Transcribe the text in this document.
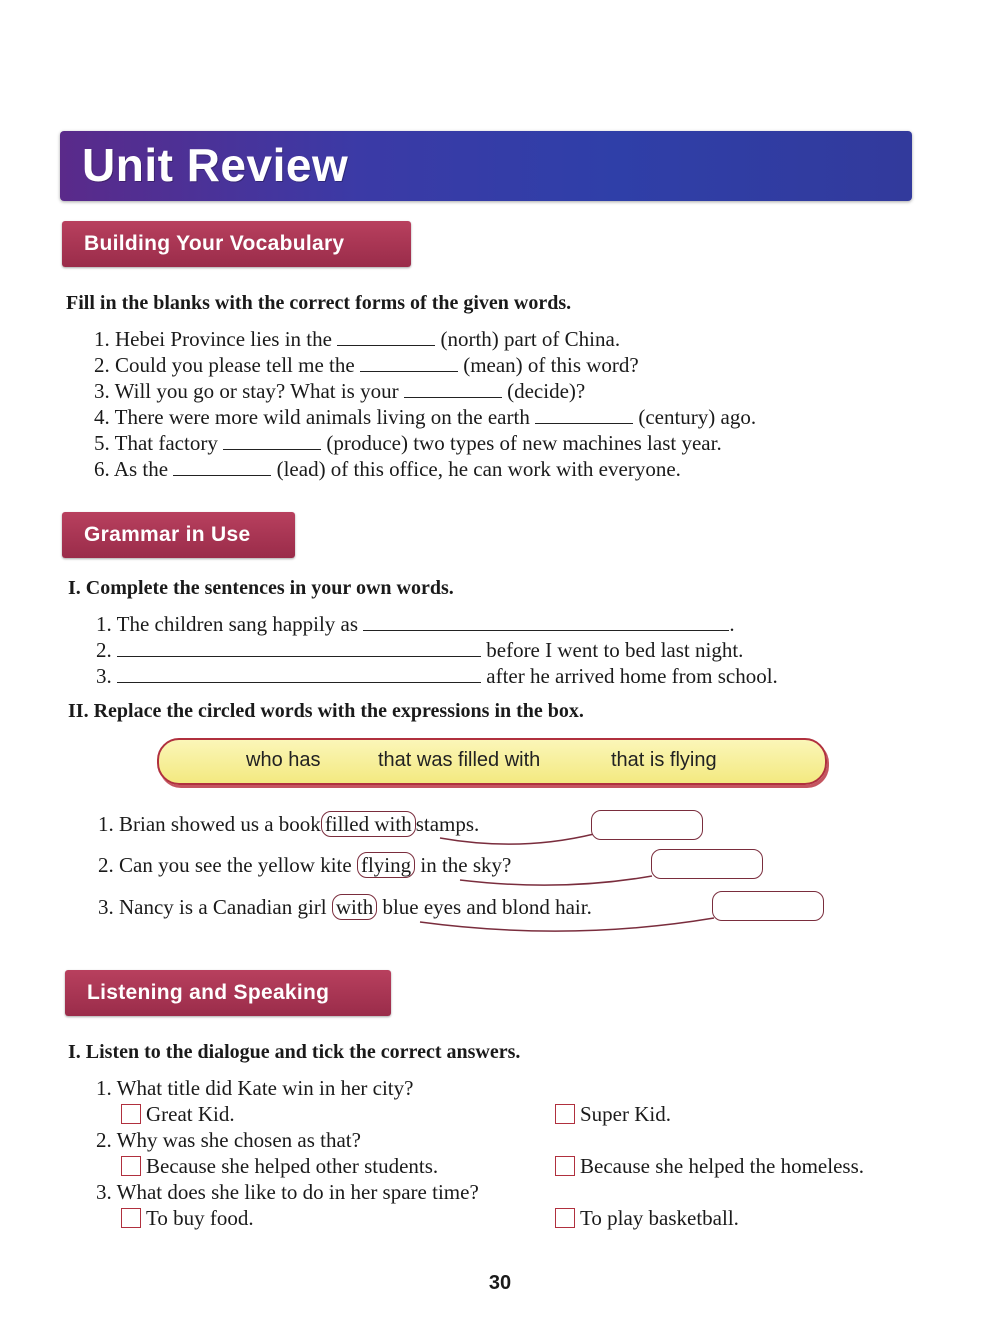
Unit Review
Building Your Vocabulary
Fill in the blanks with the correct forms of the given words.
1. Hebei Province lies in the	(north) part of China.
2. Could you please tell me the	(mean) of this word?
3. Will you go or stay? What is your	(decide)?
4. There were more wild animals living on the earth	(century) ago.
5. That factory	(produce) two types of new machines last year.
6. As the	(lead) of this office, he can work with everyone.
Grammar in Use
I. Complete the sentences in your own words.
1. The children sang happily as	.
2.	before I went to bed last night.
3.	after he arrived home from school.
II. Replace the circled words with the expressions in the box.
who has	that was filled with	that is flying
1. Brian showed us a book filled with stamps.
2. Can you see the yellow kite flying in the sky?
3. Nancy is a Canadian girl with blue eyes and blond hair.
Listening and Speaking
I. Listen to the dialogue and tick the correct answers.
1. What title did Kate win in her city?
Great Kid.	Super Kid.
2. Why was she chosen as that?
Because she helped other students.	Because she helped the homeless.
3. What does she like to do in her spare time?
To buy food.	To play basketball.
30
